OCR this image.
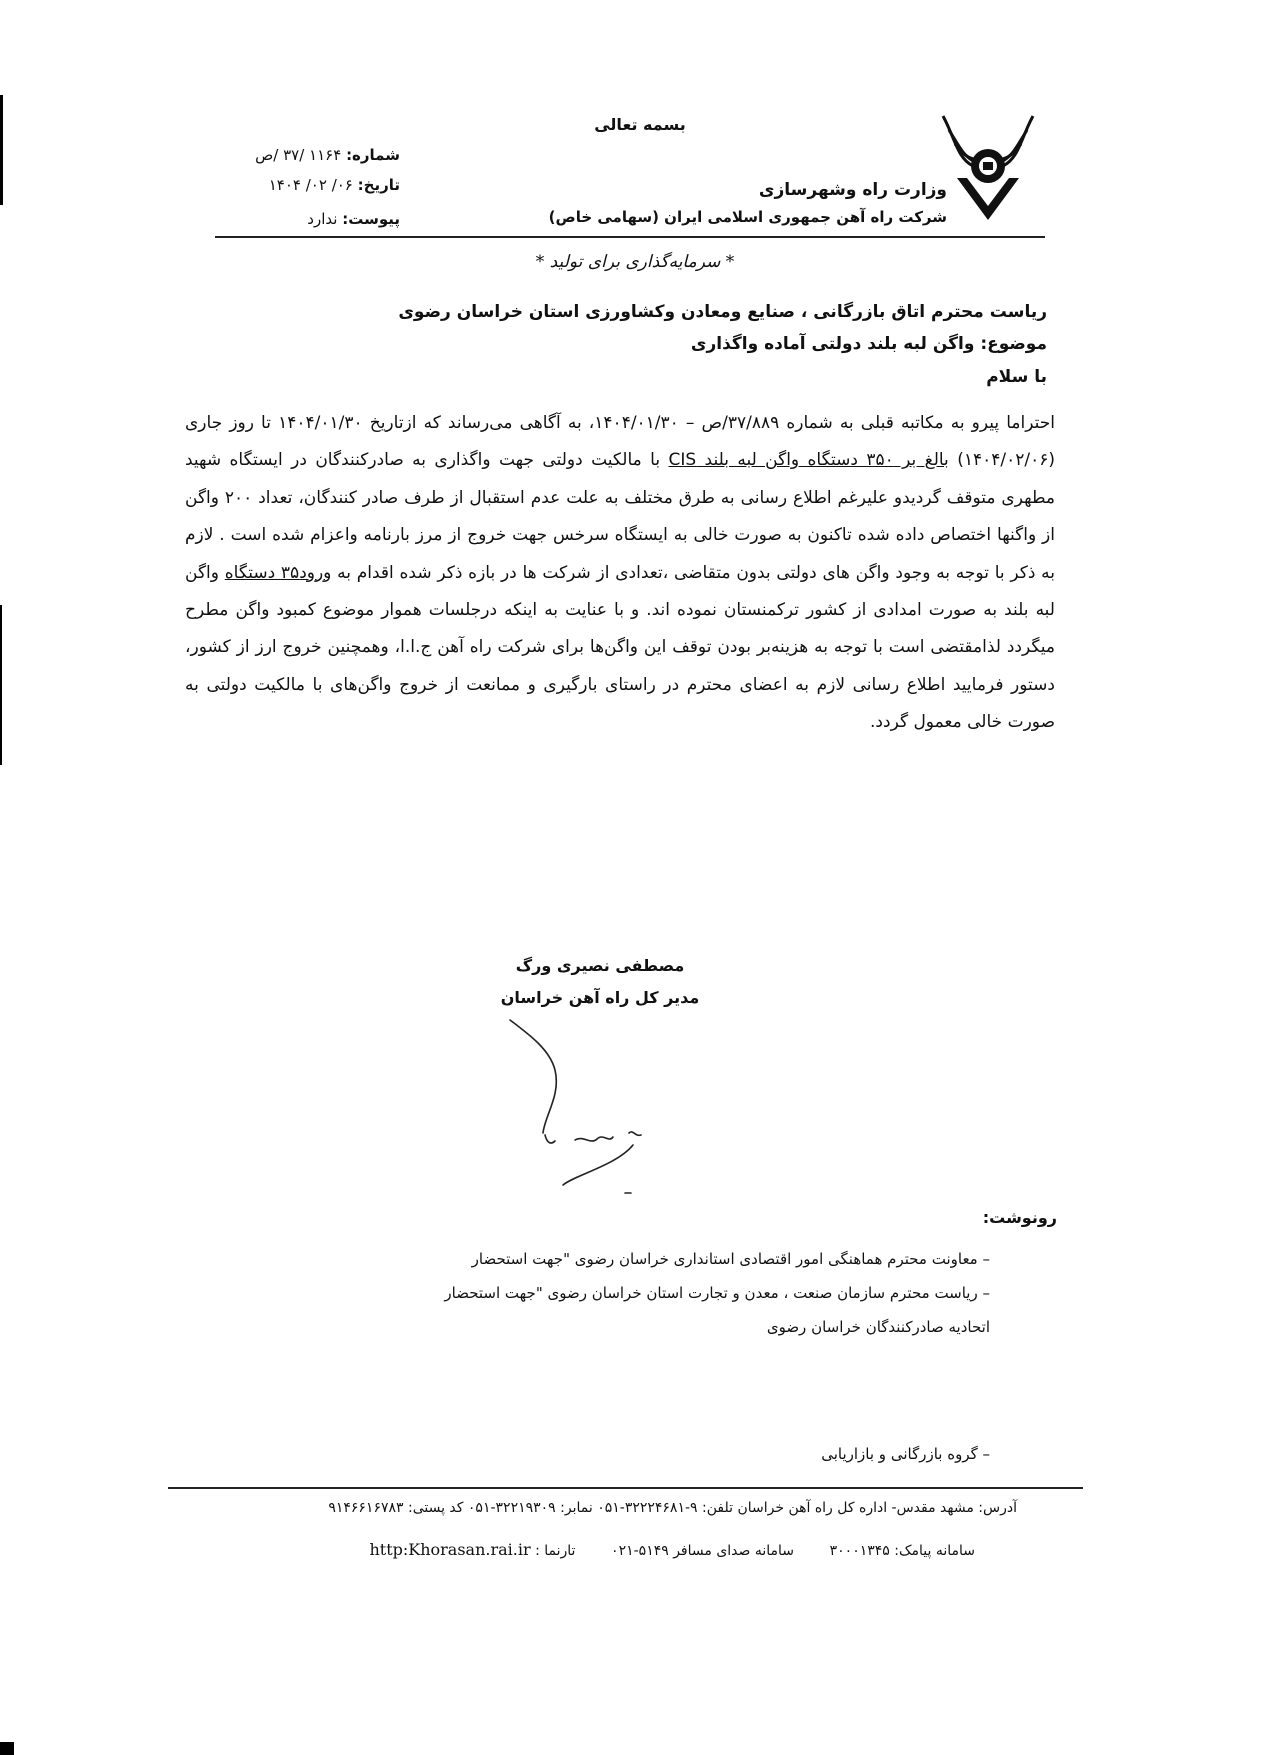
بسمه تعالی
وزارت راه وشهرسازی
شرکت راه آهن جمهوری اسلامی ایران (سهامی خاص)
شماره: ۱۱۶۴ /۳۷ /ص
تاریخ: ۰۶/ ۰۲/ ۱۴۰۴
پیوست: ندارد
* سرمایه‌گذاری برای تولید *
ریاست محترم اتاق بازرگانی ، صنایع ومعادن وکشاورزی استان خراسان رضوی
موضوع: واگن لبه بلند دولتی آماده واگذاری
با سلام
احتراما پیرو به مکاتبه قبلی به شماره ۳۷/۸۸۹/ص – ۱۴۰۴/۰۱/۳۰، به آگاهی می‌رساند که ازتاریخ ۱۴۰۴/۰۱/۳۰ تا روز جاری (۱۴۰۴/۰۲/۰۶) بالغ بر ۳۵۰ دستگاه واگن لبه بلند CIS با مالکیت دولتی جهت واگذاری به صادرکنندگان در ایستگاه شهید مطهری متوقف گردیدو علیرغم اطلاع رسانی به طرق مختلف به علت عدم استقبال از طرف صادر کنندگان، تعداد ۲۰۰ واگن از واگنها اختصاص داده شده تاکنون به صورت خالی به ایستگاه سرخس جهت خروج از مرز بارنامه واعزام شده است . لازم به ذکر با توجه به وجود واگن های دولتی بدون متقاضی ،تعدادی از شرکت ها در بازه ذکر شده اقدام به ورود۳۵ دستگاه واگن لبه بلند به صورت امدادی از کشور ترکمنستان نموده اند. و با عنایت به اینکه درجلسات هموار موضوع کمبود واگن مطرح میگردد لذامقتضی است با توجه به هزینه‌بر بودن توقف این واگن‌ها برای شرکت راه آهن ج.ا.ا، وهمچنین خروج ارز از کشور، دستور فرمایید اطلاع رسانی لازم به اعضای محترم در راستای بارگیری و ممانعت از خروج واگن‌های با مالکیت دولتی به صورت خالی معمول گردد.
مصطفی نصیری ورگ
مدیر کل راه آهن خراسان
رونوشت:
– معاونت محترم هماهنگی امور اقتصادی استانداری خراسان رضوی "جهت استحضار
– ریاست محترم سازمان صنعت ، معدن و تجارت استان خراسان رضوی "جهت استحضار
اتحادیه صادرکنندگان خراسان رضوی
– گروه بازرگانی و بازاریابی
آدرس: مشهد مقدس- اداره کل راه آهن خراسان تلفن: ۹-۳۲۲۲۴۶۸۱-۰۵۱ نمابر: ۳۲۲۱۹۳۰۹-۰۵۱ کد پستی: ۹۱۴۶۶۱۶۷۸۳
سامانه پیامک: ۳۰۰۰۱۳۴۵        سامانه صدای مسافر ۵۱۴۹-۰۲۱        تارنما : http:Khorasan.rai.ir
